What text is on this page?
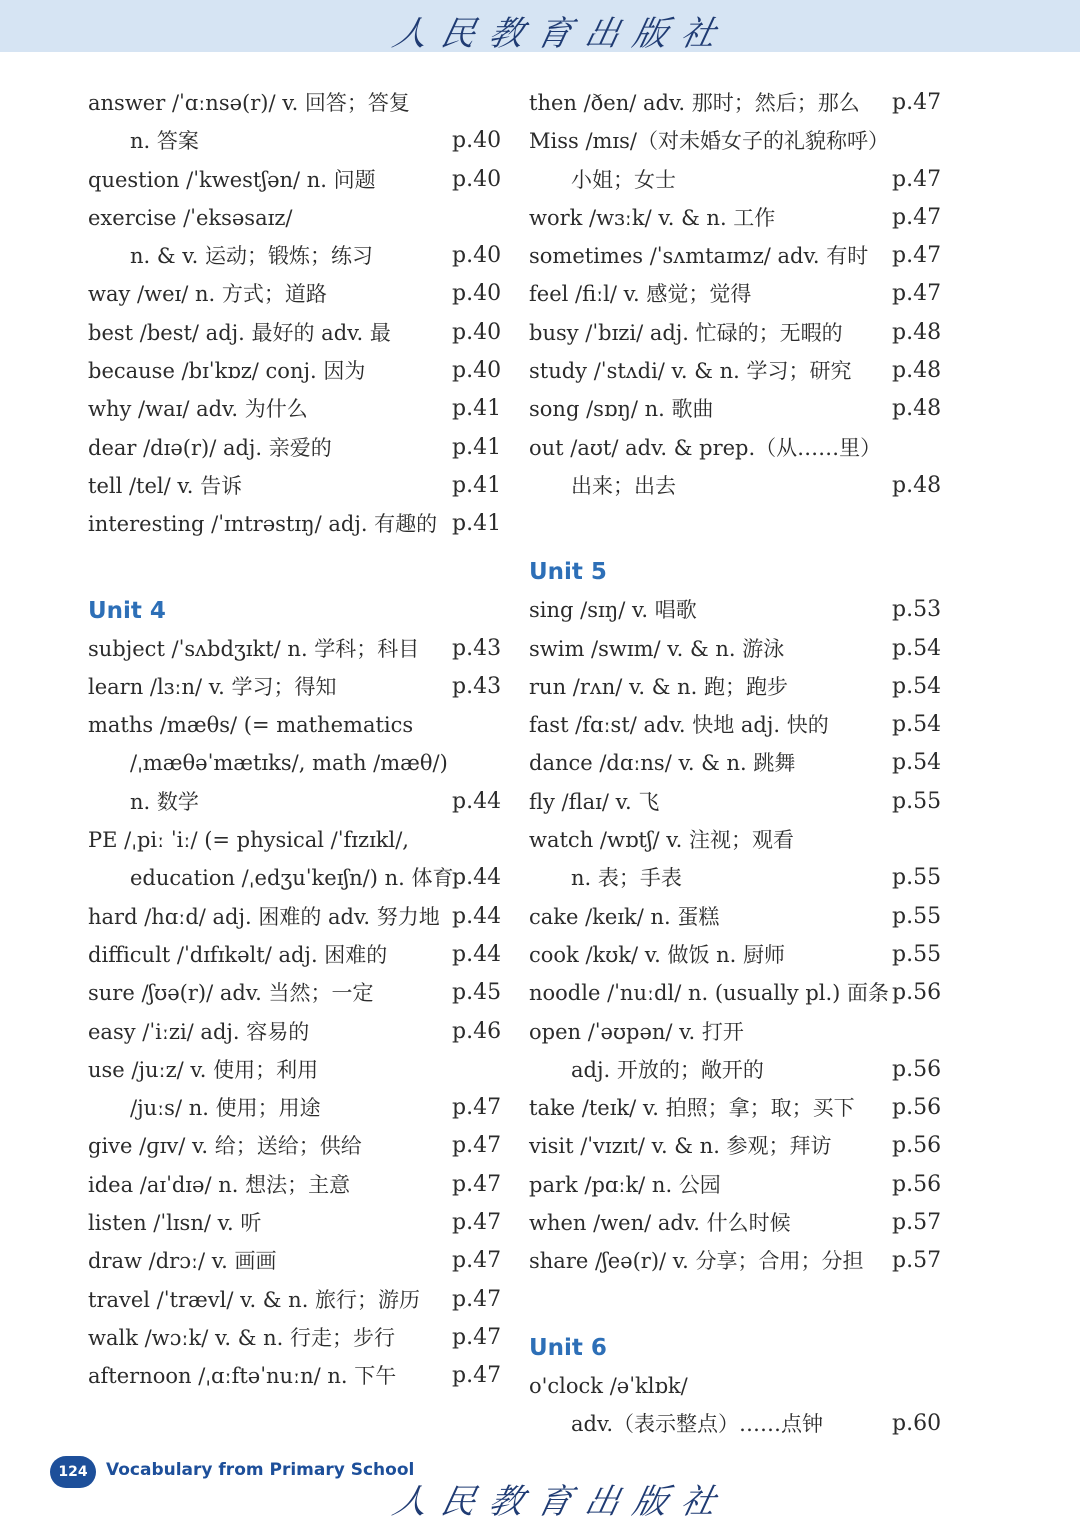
人民教育出版社
answer /ˈɑːnsə(r)/ v. 回答；答复
n. 答案	p.40
question /ˈkwestʃən/ n. 问题	p.40
exercise /ˈeksəsaɪz/
n. & v. 运动；锻炼；练习	p.40
way /weɪ/ n. 方式；道路	p.40
best /best/ adj. 最好的 adv. 最	p.40
because /bɪˈkɒz/ conj. 因为	p.40
why /waɪ/ adv. 为什么	p.41
dear /dɪə(r)/ adj. 亲爱的	p.41
tell /tel/ v. 告诉	p.41
interesting /ˈɪntrəstɪŋ/ adj. 有趣的 p.41
Unit 4
subject /ˈsʌbdʒɪkt/ n. 学科；科目 p.43
learn /lɜːn/ v. 学习；得知	p.43
maths /mæθs/ (= mathematics
/ˌmæθəˈmætɪks/, math /mæθ/)
n. 数学	p.44
PE /ˌpiː ˈiː/ (= physical /ˈfɪzɪkl/,
education /ˌedʒuˈkeɪʃn/) n. 体育
p.44
hard /hɑːd/ adj. 困难的 adv. 努力地 p.44
difficult /ˈdɪfɪkəlt/ adj. 困难的	p.44
sure /ʃʊə(r)/ adv. 当然；一定	p.45
easy /ˈiːzi/ adj. 容易的	p.46
use /juːz/ v. 使用；利用
/juːs/ n. 使用；用途	p.47
give /ɡɪv/ v. 给；送给；供给	p.47
idea /aɪˈdɪə/ n. 想法；主意	p.47
listen /ˈlɪsn/ v. 听	p.47
draw /drɔː/ v. 画画	p.47
travel /ˈtrævl/ v. & n. 旅行；游历 p.47
walk /wɔːk/ v. & n. 行走；步行	p.47
afternoon /ˌɑːftəˈnuːn/ n. 下午	p.47
then /ðen/ adv. 那时；然后；那么 p.47
Miss /mɪs/（对未婚女子的礼貌称呼）
小姐；女士	p.47
work /wɜːk/ v. & n. 工作	p.47
sometimes /ˈsʌmtaɪmz/ adv. 有时 p.47
feel /fiːl/ v. 感觉；觉得	p.47
busy /ˈbɪzi/ adj. 忙碌的；无暇的 p.48
study /ˈstʌdi/ v. & n. 学习；研究 p.48
song /sɒŋ/ n. 歌曲	p.48
out /aʊt/ adv. & prep.（从……里）
出来；出去	p.48
Unit 5
sing /sɪŋ/ v. 唱歌	p.53
swim /swɪm/ v. & n. 游泳	p.54
run /rʌn/ v. & n. 跑；跑步	p.54
fast /fɑːst/ adv. 快地 adj. 快的	p.54
dance /dɑːns/ v. & n. 跳舞	p.54
fly /flaɪ/ v. 飞	p.55
watch /wɒtʃ/ v. 注视；观看
n. 表；手表	p.55
cake /keɪk/ n. 蛋糕	p.55
cook /kʊk/ v. 做饭 n. 厨师	p.55
noodle /ˈnuːdl/ n. (usually pl.) 面条 p.56
open /ˈəʊpən/ v. 打开
adj. 开放的；敞开的	p.56
take /teɪk/ v. 拍照；拿；取；买下 p.56
visit /ˈvɪzɪt/ v. & n. 参观；拜访	p.56
park /pɑːk/ n. 公园	p.56
when /wen/ adv. 什么时候	p.57
share /ʃeə(r)/ v. 分享；合用；分担 p.57
Unit 6
o'clock /əˈklɒk/
adv.（表示整点）……点钟	p.60
124	Vocabulary from Primary School
人民教育出版社
